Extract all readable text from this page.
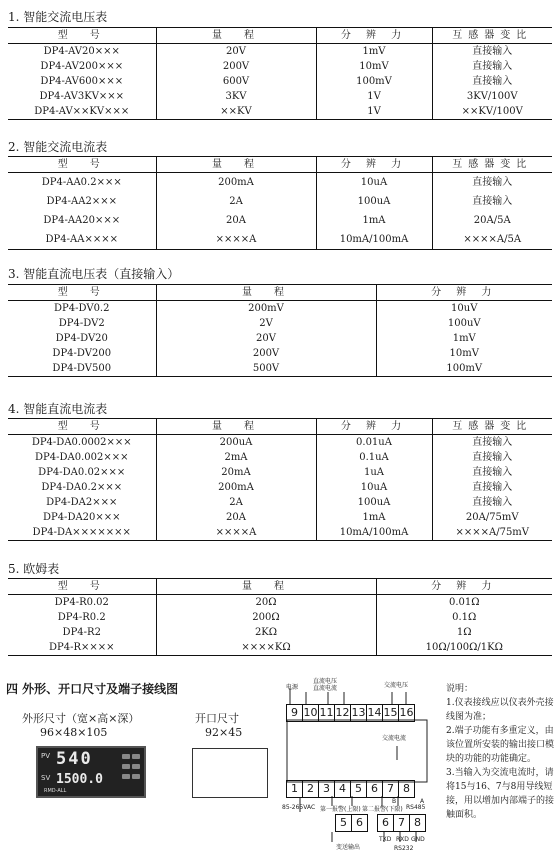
1. 智能交流电压表
型　号	量　程	分 辨 力	互感器变比
DP4-AV20×××	20V	1mV	直接输入
DP4-AV200×××	200V	10mV	直接输入
DP4-AV600×××	600V	100mV	直接输入
DP4-AV3KV×××	3KV	1V	3KV/100V
DP4-AV××KV×××	××KV	1V	××KV/100V
2. 智能交流电流表
型　号	量　程	分 辨 力	互感器变比
DP4-AA0.2×××	200mA	10uA	直接输入
DP4-AA2×××	2A	100uA	直接输入
DP4-AA20×××	20A	1mA	20A/5A
DP4-AA××××	××××A	10mA/100mA	××××A/5A
3. 智能直流电压表（直接输入）
型　号	量　程	分 辨 力
DP4-DV0.2	200mV	10uV
DP4-DV2	2V	100uV
DP4-DV20	20V	1mV
DP4-DV200	200V	10mV
DP4-DV500	500V	100mV
4. 智能直流电流表
型　号	量　程	分 辨 力	互感器变比
DP4-DA0.0002×××	200uA	0.01uA	直接输入
DP4-DA0.002×××	2mA	0.1uA	直接输入
DP4-DA0.02×××	20mA	1uA	直接输入
DP4-DA0.2×××	200mA	10uA	直接输入
DP4-DA2×××	2A	100uA	直接输入
DP4-DA20×××	20A	1mA	20A/75mV
DP4-DA×××××××	××××A	10mA/100mA	××××A/75mV
5. 欧姆表
型　号	量　程	分 辨 力
DP4-R0.02	20Ω	0.01Ω
DP4-R0.2	200Ω	0.1Ω
DP4-R2	2KΩ	1Ω
DP4-R××××	××××KΩ	10Ω/100Ω/1KΩ
四 外形、开口尺寸及端子接线图
外形尺寸（宽×高×深）
96×48×105
开口尺寸
92×45
PV 540
SV 1500.0
RMD-ALL
电源
直流电压
直流电流	交流电压
9 10 11 12 13 14 15 16
交流电流
1 2 3 4 5 6 7 8
B	A
85-265VAC 第一报警(上限) 第二报警(下限) RS485
5 6	6 7 8
变送输出
TXD RXD GND
RS232
说明：
1.仪表接线应以仪表外壳接线图为准；
2.端子功能有多重定义，由该位置所安装的输出接口模块的功能的功能确定。
3.当输入为交流电流时，请将15与16、7与8用导线短接，用以增加内部端子的接触面积。
